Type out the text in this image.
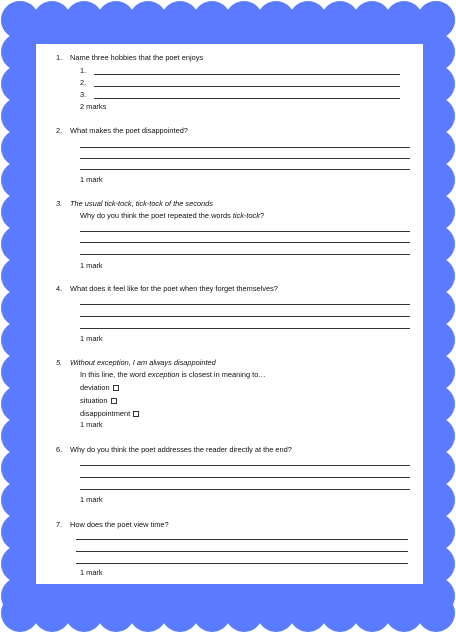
1. Name three hobbies that the poet enjoys
1.
2.
3.
2 marks
2. What makes the poet disappointed?
1 mark
3. The usual tick-tock, tick-tock of the seconds
Why do you think the poet repeated the words tick-tock?
1 mark
4. What does it feel like for the poet when they forget themselves?
1 mark
5. Without exception, I am always disappointed
In this line, the word exception is closest in meaning to…
deviation
situation
disappointment
1 mark
6. Why do you think the poet addresses the reader directly at the end?
1 mark
7. How does the poet view time?
1 mark
